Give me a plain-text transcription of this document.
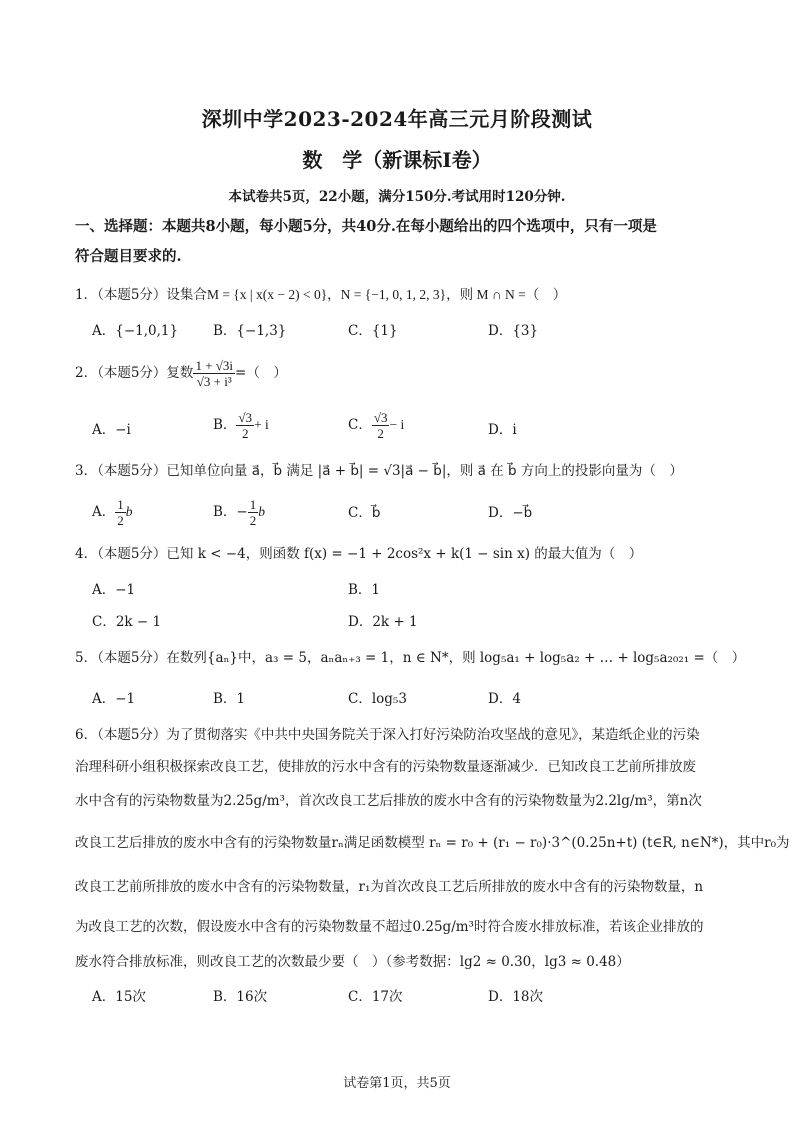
深圳中学2023-2024年高三元月阶段测试
数　学（新课标I卷）
本试卷共5页，22小题，满分150分.考试用时120分钟.
一、选择题：本题共8小题，每小题5分，共40分.在每小题给出的四个选项中，只有一项是
符合题目要求的.
1．（本题5分）设集合M = {x | x(x − 2) < 0}，N = {−1, 0, 1, 2, 3}，则 M ∩ N =（　）
A．{−1,0,1}	B．{−1,3}	C．{1}	D．{3}
2．（本题5分）复数 $\frac{1 + √3i}{\text{√3 + i³}}$ =（　）
A．−i	B． $\frac{√3}{2} + i$	C． $\frac{√3}{2} - i$	D．i
3．（本题5分）已知单位向量 a⃗，b⃗ 满足 |a⃗ + b⃗| = √3|a⃗ − b⃗|，则 a⃗ 在 b⃗ 方向上的投影向量为（　）
A． $\frac{1}{2}$ b⃗	B．− $\frac{1}{2}$ b⃗	C．b⃗	D．−b⃗
4．（本题5分）已知 k < −4，则函数 f(x) = −1 + 2cos²x + k(1 − sin x) 的最大值为（　）
A．−1	B．1
C．2k − 1	D．2k + 1
5．（本题5分）在数列{aₙ}中，a₃ = 5，aₙaₙ₊₃ = 1，n ∈ N*，则 log₅a₁ + log₅a₂ + … + log₅a₂₀₂₁ =（　）
A．−1	B．1	C．log₅3	D．4
6．（本题5分）为了贯彻落实《中共中央国务院关于深入打好污染防治攻坚战的意见》，某造纸企业的污染
治理科研小组积极探索改良工艺，使排放的污水中含有的污染物数量逐渐减少．已知改良工艺前所排放废
水中含有的污染物数量为2.25g/m³，首次改良工艺后排放的废水中含有的污染物数量为2.2lg/m³，第n次
改良工艺后排放的废水中含有的污染物数量rₙ满足函数模型 rₙ = r₀ + (r₁ − r₀)·3^(0.25n+t) (t∈R, n∈N*)，其中r₀为
改良工艺前所排放的废水中含有的污染物数量，r₁为首次改良工艺后所排放的废水中含有的污染物数量，n
为改良工艺的次数，假设废水中含有的污染物数量不超过0.25g/m³时符合废水排放标准，若该企业排放的
废水符合排放标准，则改良工艺的次数最少要（　）（参考数据：lg2 ≈ 0.30，lg3 ≈ 0.48）
A．15次	B．16次	C．17次	D．18次
试卷第1页，共5页
